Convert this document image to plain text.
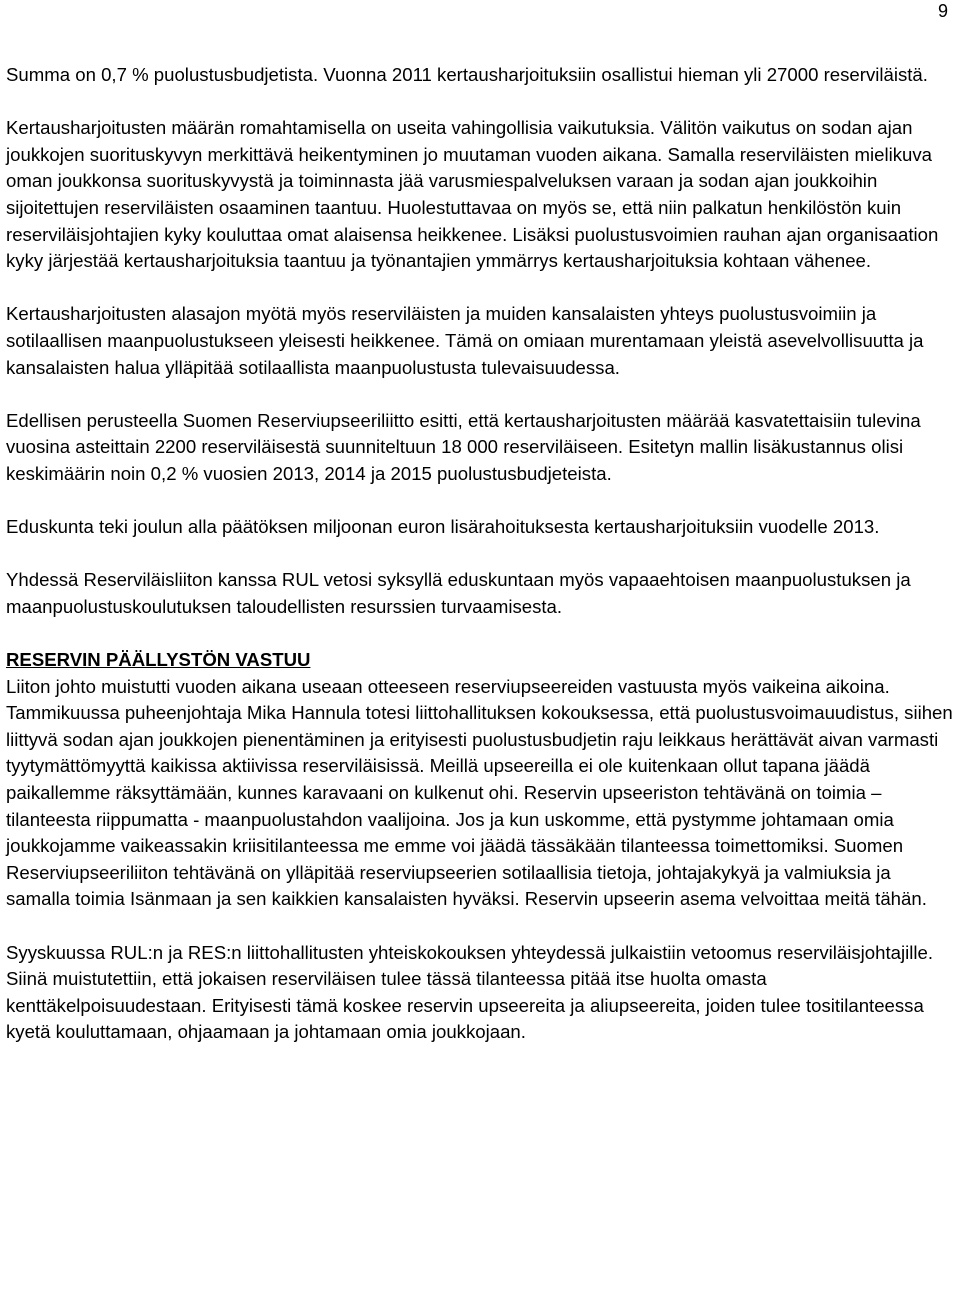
9

Summa on 0,7 % puolustusbudjetista. Vuonna 2011 kertausharjoituksiin osallistui hieman yli 27000 reserviläistä.

Kertausharjoitusten määrän romahtamisella on useita vahingollisia vaikutuksia. Välitön vaikutus on sodan ajan joukkojen suorituskyvyn merkittävä heikentyminen jo muutaman vuoden aikana. Samalla reserviläisten mielikuva oman joukkonsa suorituskyvystä ja toiminnasta jää varusmiespalveluksen varaan ja sodan ajan joukkoihin sijoitettujen reserviläisten osaaminen taantuu. Huolestuttavaa on myös se, että niin palkatun henkilöstön kuin reserviläisjohtajien kyky kouluttaa omat alaisensa heikkenee. Lisäksi puolustusvoimien rauhan ajan organisaation kyky järjestää kertausharjoituksia taantuu ja työnantajien ymmärrys kertausharjoituksia kohtaan vähenee.

Kertausharjoitusten alasajon myötä myös reserviläisten ja muiden kansalaisten yhteys puolustusvoimiin ja sotilaallisen maanpuolustukseen yleisesti heikkenee. Tämä on omiaan murentamaan yleistä asevelvollisuutta ja kansalaisten halua ylläpitää sotilaallista maanpuolustusta tulevaisuudessa.

Edellisen perusteella Suomen Reserviupseeriliitto esitti, että kertausharjoitusten määrää kasvatettaisiin tulevina vuosina asteittain 2200 reserviläisestä suunniteltuun 18 000 reserviläiseen. Esitetyn mallin lisäkustannus olisi keskimäärin noin 0,2 % vuosien 2013, 2014 ja 2015 puolustusbudjeteista.

Eduskunta teki joulun alla päätöksen miljoonan euron lisärahoituksesta kertausharjoituksiin vuodelle 2013.

Yhdessä Reserviläisliiton kanssa RUL vetosi syksyllä eduskuntaan myös vapaaehtoisen maanpuolustuksen ja maanpuolustuskoulutuksen taloudellisten resurssien turvaamisesta.

RESERVIN PÄÄLLYSTÖN VASTUU

Liiton johto muistutti vuoden aikana useaan otteeseen reserviupseereiden vastuusta myös vaikeina aikoina. Tammikuussa puheenjohtaja Mika Hannula totesi liittohallituksen kokouksessa, että puolustusvoimauudistus, siihen liittyvä sodan ajan joukkojen pienentäminen ja erityisesti puolustusbudjetin raju leikkaus herättävät aivan varmasti tyytymättömyyttä kaikissa aktiivissa reserviläisissä. Meillä upseereilla ei ole kuitenkaan ollut tapana jäädä paikallemme räksyttämään, kunnes karavaani on kulkenut ohi. Reservin upseeriston tehtävänä on toimia – tilanteesta riippumatta - maanpuolustahdon vaalijoina. Jos ja kun uskomme, että pystymme johtamaan omia joukkojamme vaikeassakin kriisitilanteessa me emme voi jäädä tässäkään tilanteessa toimettomiksi. Suomen Reserviupseeriliiton tehtävänä on ylläpitää reserviupseerien sotilaallisia tietoja, johtajakykyä ja valmiuksia ja samalla toimia Isänmaan ja sen kaikkien kansalaisten hyväksi. Reservin upseerin asema velvoittaa meitä tähän.

Syyskuussa RUL:n ja RES:n liittohallitusten yhteiskokouksen yhteydessä julkaistiin vetoomus reserviläisjohtajille. Siinä muistutettiin, että jokaisen reserviläisen tulee tässä tilanteessa pitää itse huolta omasta kenttäkelpoisuudestaan. Erityisesti tämä koskee reservin upseereita ja aliupseereita, joiden tulee tositilanteessa kyetä kouluttamaan, ohjaamaan ja johtamaan omia joukkojaan.
